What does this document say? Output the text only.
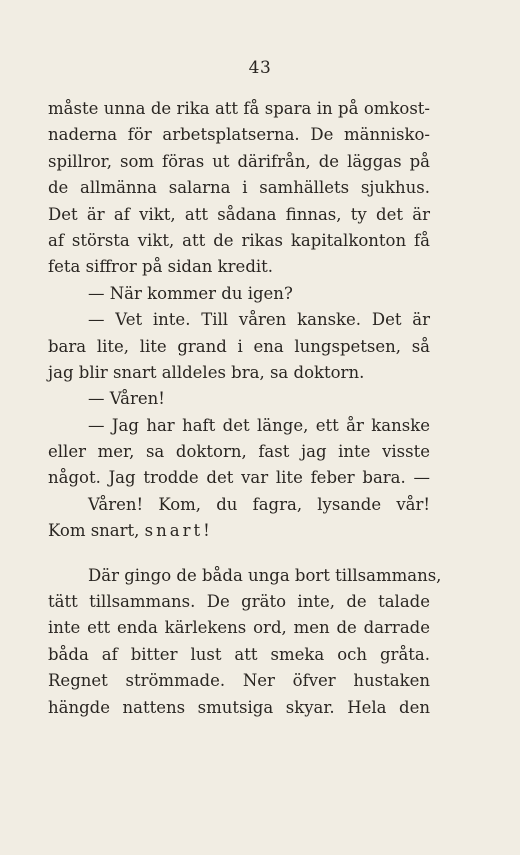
43
måste unna de rika att få spara in på omkost-
naderna för arbetsplatserna. De människo-
spillror, som föras ut därifrån, de läggas på
de allmänna salarna i samhällets sjukhus.
Det är af vikt, att sådana finnas, ty det är
af största vikt, att de rikas kapitalkonton få
feta siffror på sidan kredit.
— När kommer du igen?
— Vet inte. Till våren kanske. Det är
bara lite, lite grand i ena lungspetsen, så
jag blir snart alldeles bra, sa doktorn.
— Våren!
— Jag har haft det länge, ett år kanske
eller mer, sa doktorn, fast jag inte visste
något. Jag trodde det var lite feber bara. —
Våren! Kom, du fagra, lysande vår!
Kom snart, snart!
Där gingo de båda unga bort tillsammans,
tätt tillsammans. De gräto inte, de talade
inte ett enda kärlekens ord, men de darrade
båda af bitter lust att smeka och gråta.
Regnet strömmade. Ner öfver hustaken
hängde nattens smutsiga skyar. Hela den
